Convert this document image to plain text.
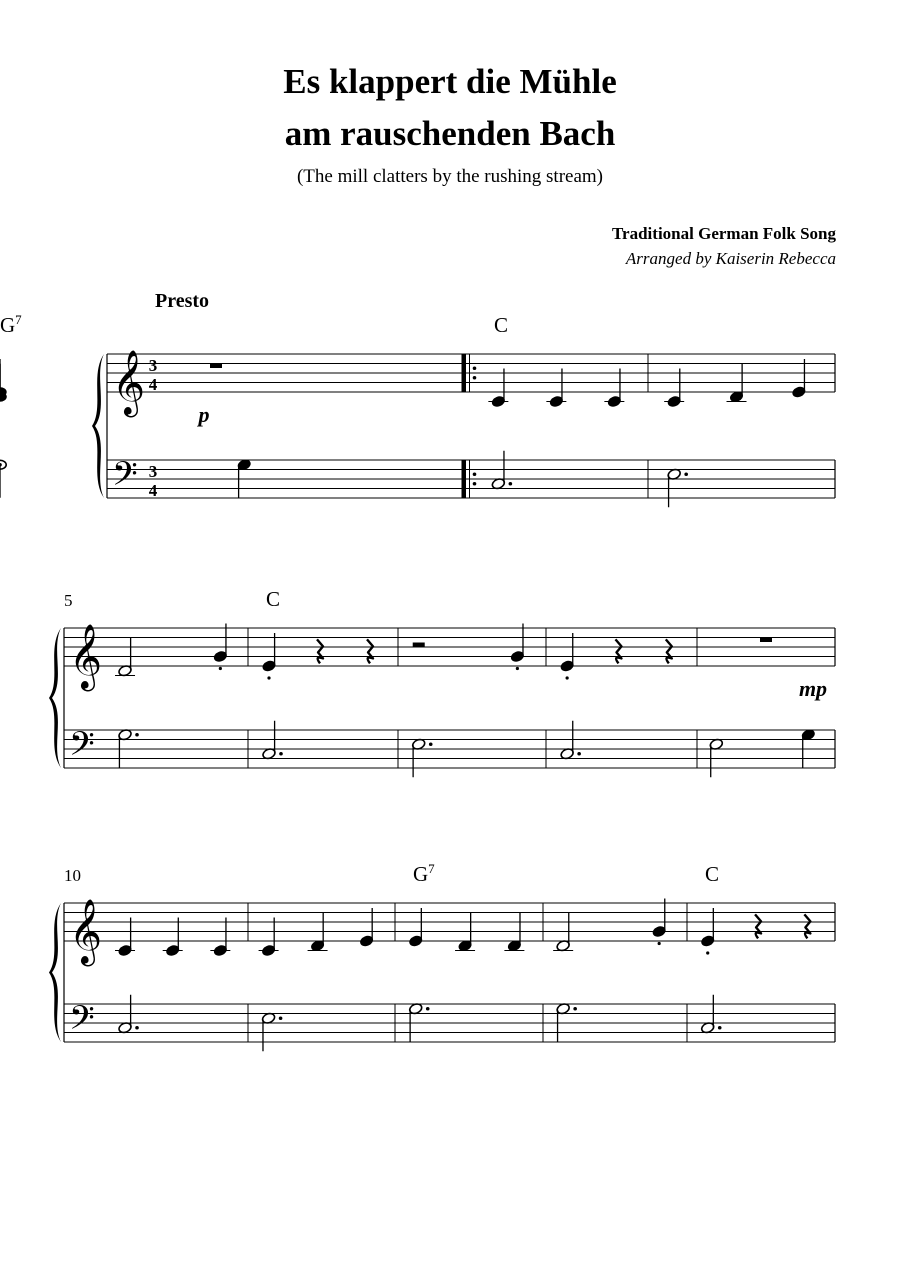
Es klappert die Mühle
am rauschenden Bach
(The mill clatters by the rushing stream)
Traditional German Folk Song
Arranged by Kaiserin Rebecca
𝄞
𝄢
𝄞
𝄢
𝄞
𝄢
3
4
3
4
Presto
p
C
$G^7$
5	C
mp
10	$G^7$	C
